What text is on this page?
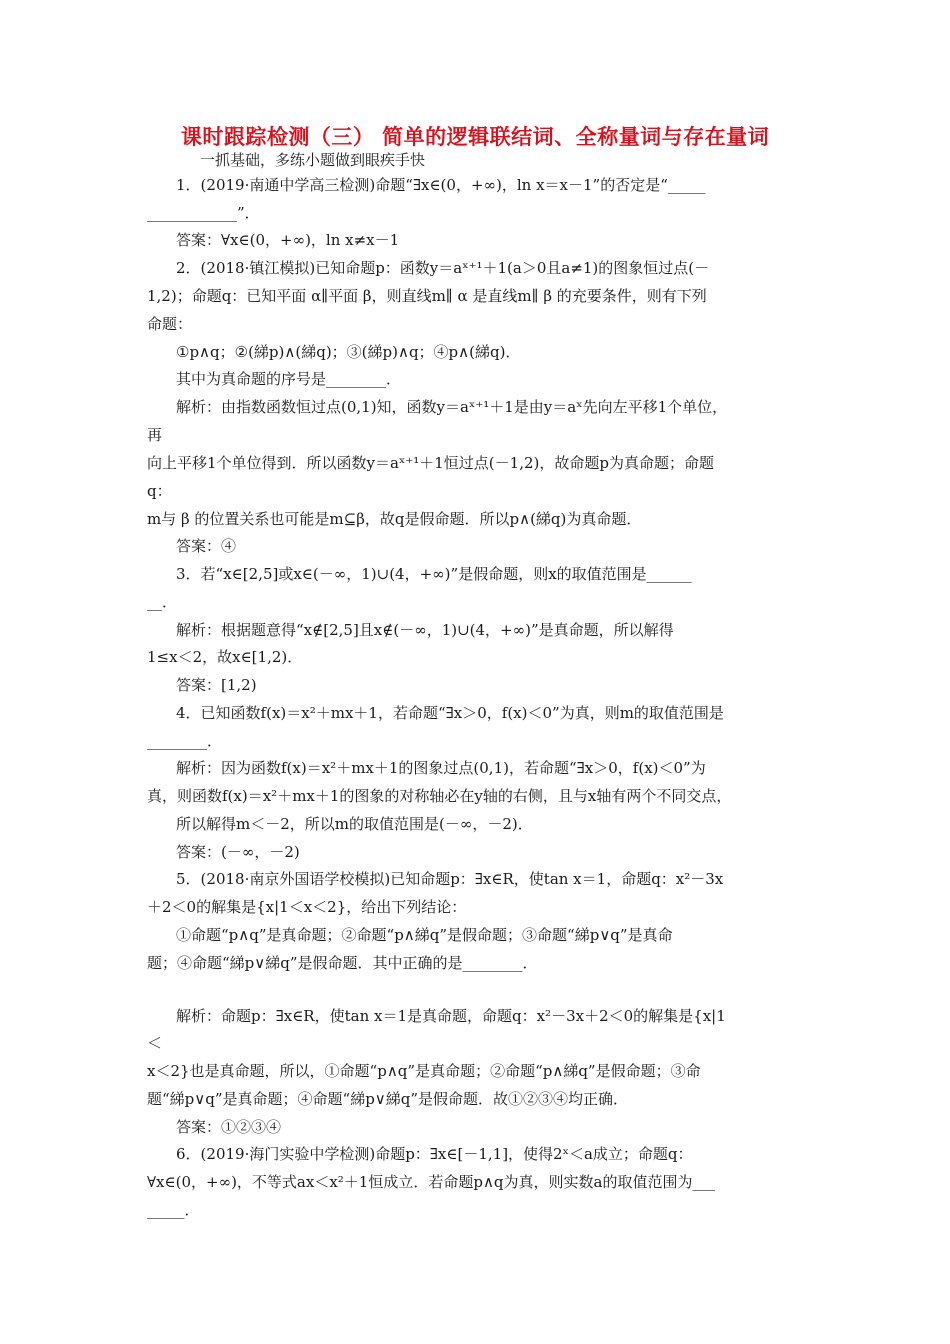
课时跟踪检测（三） 简单的逻辑联结词、全称量词与存在量词
一抓基础，多练小题做到眼疾手快
1．(2019·南通中学高三检测)命题“∃x∈(0，+∞)，ln x＝x－1”的否定是“_____
____________”．
答案：∀x∈(0，+∞)，ln x≠x－1
2．(2018·镇江模拟)已知命题p：函数y＝aˣ⁺¹＋1(a＞0且a≠1)的图象恒过点(－
1,2)；命题q：已知平面 α∥平面 β，则直线m∥ α 是直线m∥ β 的充要条件，则有下列
命题：
①p∧q；②(綈p)∧(綈q)；③(綈p)∧q；④p∧(綈q)．
其中为真命题的序号是________．
解析：由指数函数恒过点(0,1)知，函数y＝aˣ⁺¹＋1是由y＝aˣ先向左平移1个单位，
再
向上平移1个单位得到．所以函数y＝aˣ⁺¹＋1恒过点(－1,2)，故命题p为真命题；命题
q：
m与 β 的位置关系也可能是m⊆β，故q是假命题．所以p∧(綈q)为真命题．
答案：④
3．若“x∈[2,5]或x∈(－∞，1)∪(4，+∞)”是假命题，则x的取值范围是______
__．
解析：根据题意得“x∉[2,5]且x∉(－∞，1)∪(4，+∞)”是真命题，所以解得
1≤x＜2，故x∈[1,2)．
答案：[1,2)
4．已知函数f(x)＝x²＋mx＋1，若命题“∃x＞0，f(x)＜0”为真，则m的取值范围是
________．
解析：因为函数f(x)＝x²＋mx＋1的图象过点(0,1)，若命题“∃x＞0，f(x)＜0”为
真，则函数f(x)＝x²＋mx＋1的图象的对称轴必在y轴的右侧，且与x轴有两个不同交点，
所以解得m＜－2，所以m的取值范围是(－∞，－2)．
答案：(－∞，－2)
5．(2018·南京外国语学校模拟)已知命题p：∃x∈R，使tan x＝1，命题q：x²－3x
＋2＜0的解集是{x|1＜x＜2}，给出下列结论：
①命题“p∧q”是真命题；②命题“p∧綈q”是假命题；③命题“綈p∨q”是真命
题；④命题“綈p∨綈q”是假命题．其中正确的是________．
解析：命题p：∃x∈R，使tan x＝1是真命题，命题q：x²－3x＋2＜0的解集是{x|1
＜
x＜2}也是真命题，所以，①命题“p∧q”是真命题；②命题“p∧綈q”是假命题；③命
题“綈p∨q”是真命题；④命题“綈p∨綈q”是假命题．故①②③④均正确．
答案：①②③④
6．(2019·海门实验中学检测)命题p：∃x∈[－1,1]，使得2ˣ＜a成立；命题q：
∀x∈(0，+∞)，不等式ax＜x²＋1恒成立．若命题p∧q为真，则实数a的取值范围为___
_____．
